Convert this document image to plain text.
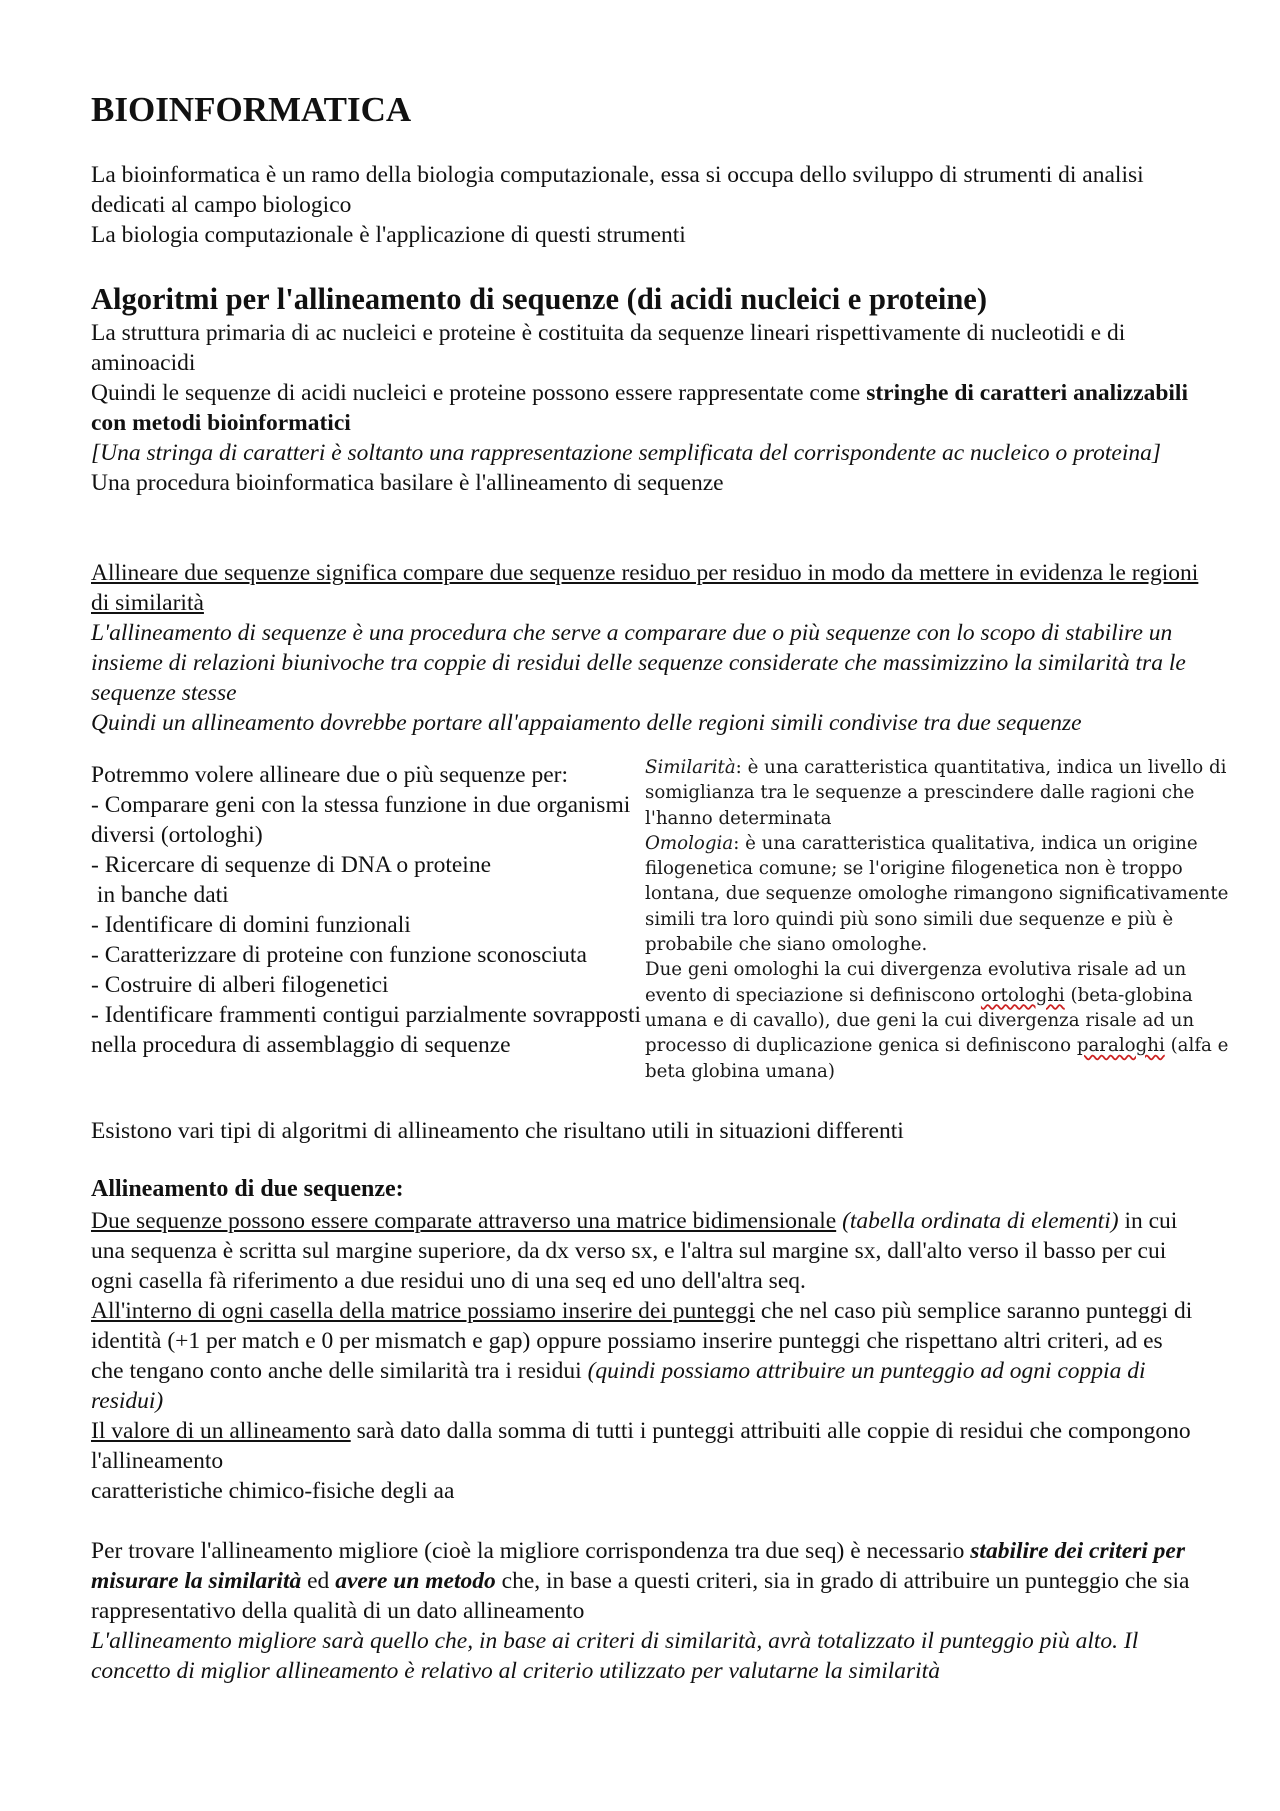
BIOINFORMATICA

La bioinformatica è un ramo della biologia computazionale, essa si occupa dello sviluppo di strumenti di analisi dedicati al campo biologico

La biologia computazionale è l'applicazione di questi strumenti

Algoritmi per l'allineamento di sequenze (di acidi nucleici e proteine)

La struttura primaria di ac nucleici e proteine è costituita da sequenze lineari rispettivamente di nucleotidi e di aminoacidi

Quindi le sequenze di acidi nucleici e proteine possono essere rappresentate come stringhe di caratteri analizzabili con metodi bioinformatici

[Una stringa di caratteri è soltanto una rappresentazione semplificata del corrispondente ac nucleico o proteina]

Una procedura bioinformatica basilare è l'allineamento di sequenze

Allineare due sequenze significa compare due sequenze residuo per residuo in modo da mettere in evidenza le regioni di similarità

L'allineamento di sequenze è una procedura che serve a comparare due o più sequenze con lo scopo di stabilire un insieme di relazioni biunivoche tra coppie di residui delle sequenze considerate che massimizzino la similarità tra le sequenze stesse

Quindi un allineamento dovrebbe portare all'appaiamento delle regioni simili condivise tra due sequenze

Potremmo volere allineare due o più sequenze per:

- Comparare geni con la stessa funzione in due organismi diversi (ortologhi)

- Ricercare di sequenze di DNA o proteine

in banche dati

- Identificare di domini funzionali

- Caratterizzare di proteine con funzione sconosciuta

- Costruire di alberi filogenetici

- Identificare frammenti contigui parzialmente sovrapposti nella procedura di assemblaggio di sequenze

Similarità: è una caratteristica quantitativa, indica un livello di somiglianza tra le sequenze a prescindere dalle ragioni che l'hanno determinata

Omologia: è una caratteristica qualitativa, indica un origine filogenetica comune; se l'origine filogenetica non è troppo lontana, due sequenze omologhe rimangono significativamente simili tra loro quindi più sono simili due sequenze e più è probabile che siano omologhe.

Due geni omologhi la cui divergenza evolutiva risale ad un evento di speciazione si definiscono ortologhi (beta-globina umana e di cavallo), due geni la cui divergenza risale ad un processo di duplicazione genica si definiscono paraloghi (alfa e beta globina umana)

Esistono vari tipi di algoritmi di allineamento che risultano utili in situazioni differenti

Allineamento di due sequenze:

Due sequenze possono essere comparate attraverso una matrice bidimensionale (tabella ordinata di elementi) in cui una sequenza è scritta sul margine superiore, da dx verso sx, e l'altra sul margine sx, dall'alto verso il basso per cui ogni casella fà riferimento a due residui uno di una seq ed uno dell'altra seq.

All'interno di ogni casella della matrice possiamo inserire dei punteggi che nel caso più semplice saranno punteggi di identità (+1 per match e 0 per mismatch e gap) oppure possiamo inserire punteggi che rispettano altri criteri, ad es che tengano conto anche delle similarità tra i residui (quindi possiamo attribuire un punteggio ad ogni coppia di residui)

Il valore di un allineamento sarà dato dalla somma di tutti i punteggi attribuiti alle coppie di residui che compongono l'allineamento

caratteristiche chimico-fisiche degli aa

Per trovare l'allineamento migliore (cioè la migliore corrispondenza tra due seq) è necessario stabilire dei criteri per misurare la similarità ed avere un metodo che, in base a questi criteri, sia in grado di attribuire un punteggio che sia rappresentativo della qualità di un dato allineamento

L'allineamento migliore sarà quello che, in base ai criteri di similarità, avrà totalizzato il punteggio più alto. Il concetto di miglior allineamento è relativo al criterio utilizzato per valutarne la similarità
